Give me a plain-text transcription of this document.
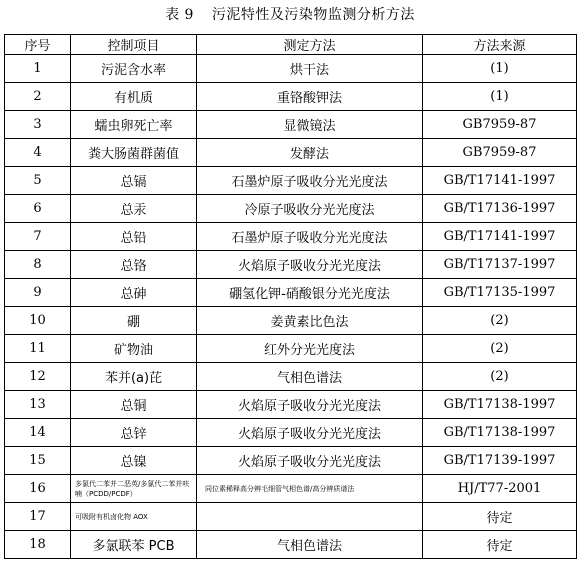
表 9 污泥特性及污染物监测分析方法
序号	控制项目	测定方法	方法来源
1	污泥含水率	烘干法	(1)
2	有机质	重铬酸钾法	(1)
3	蠕虫卵死亡率	显微镜法	GB7959-87
4	粪大肠菌群菌值	发酵法	GB7959-87
5	总镉	石墨炉原子吸收分光光度法	GB/T17141-1997
6	总汞	冷原子吸收分光光度法	GB/T17136-1997
7	总铅	石墨炉原子吸收分光光度法	GB/T17141-1997
8	总铬	火焰原子吸收分光光度法	GB/T17137-1997
9	总砷	硼氢化钾-硝酸银分光光度法	GB/T17135-1997
10	硼	姜黄素比色法	(2)
11	矿物油	红外分光光度法	(2)
12	苯并(a)芘	气相色谱法	(2)
13	总铜	火焰原子吸收分光光度法	GB/T17138-1997
14	总锌	火焰原子吸收分光光度法	GB/T17138-1997
15	总镍	火焰原子吸收分光光度法	GB/T17139-1997
16	多氯代二苯并二恶英/多氯代二苯并呋喃（PCDD/PCDF）	同位素稀释高分辨毛细管气相色谱/高分辨质谱法	HJ/T77-2001
17	可吸附有机卤化物 AOX		待定
18	多氯联苯 PCB	气相色谱法	待定
